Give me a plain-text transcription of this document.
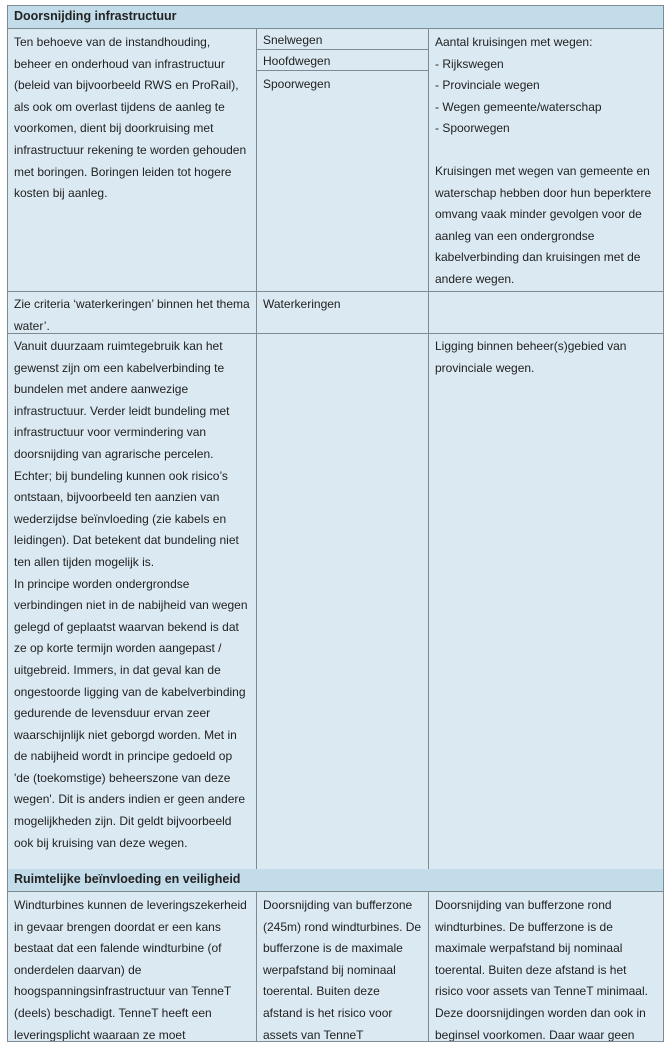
Doorsnijding infrastructuur
Ten behoeve van de instandhouding, beheer en onderhoud van infrastructuur (beleid van bijvoorbeeld RWS en ProRail), als ook om overlast tijdens de aanleg te voorkomen, dient bij doorkruising met infrastructuur rekening te worden gehouden met boringen. Boringen leiden tot hogere kosten bij aanleg.
Snelwegen
Hoofdwegen
Spoorwegen

Aantal kruisingen met wegen:

- Rijkswegen

- Provinciale wegen

- Wegen gemeente/waterschap

- Spoorwegen

Kruisingen met wegen van gemeente en waterschap hebben door hun beperktere omvang vaak minder gevolgen voor de aanleg van een ondergrondse kabelverbinding dan kruisingen met de andere wegen.

Zie criteria ‘waterkeringen’ binnen het thema water’.
Waterkeringen

Vanuit duurzaam ruimtegebruik kan het gewenst zijn om een kabelverbinding te bundelen met andere aanwezige infrastructuur. Verder leidt bundeling met infrastructuur voor vermindering van doorsnijding van agrarische percelen. Echter; bij bundeling kunnen ook risico’s ontstaan, bijvoorbeeld ten aanzien van wederzijdse beïnvloeding (zie kabels en leidingen). Dat betekent dat bundeling niet ten allen tijden mogelijk is.

In principe worden ondergrondse verbindingen niet in de nabijheid van wegen gelegd of geplaatst waarvan bekend is dat ze op korte termijn worden aangepast / uitgebreid. Immers, in dat geval kan de ongestoorde ligging van de kabelverbinding gedurende de levensduur ervan zeer waarschijnlijk niet geborgd worden. Met in de nabijheid wordt in principe gedoeld op 'de (toekomstige) beheerszone van deze wegen'. Dit is anders indien er geen andere mogelijkheden zijn. Dit geldt bijvoorbeeld ook bij kruising van deze wegen.

Ligging binnen beheer(s)gebied van provinciale wegen.
Ruimtelijke beïnvloeding en veiligheid
Windturbines kunnen de leveringszekerheid in gevaar brengen doordat er een kans bestaat dat een falende windturbine (of onderdelen daarvan) de hoogspanningsinfrastructuur van TenneT (deels) beschadigt. TenneT heeft een leveringsplicht waaraan ze moet
Doorsnijding van bufferzone (245m) rond windturbines. De bufferzone is de maximale werpafstand bij nominaal toerental. Buiten deze afstand is het risico voor assets van TenneT
Doorsnijding van bufferzone rond windturbines. De bufferzone is de maximale werpafstand bij nominaal toerental. Buiten deze afstand is het risico voor assets van TenneT minimaal. Deze doorsnijdingen worden dan ook in beginsel voorkomen. Daar waar geen
